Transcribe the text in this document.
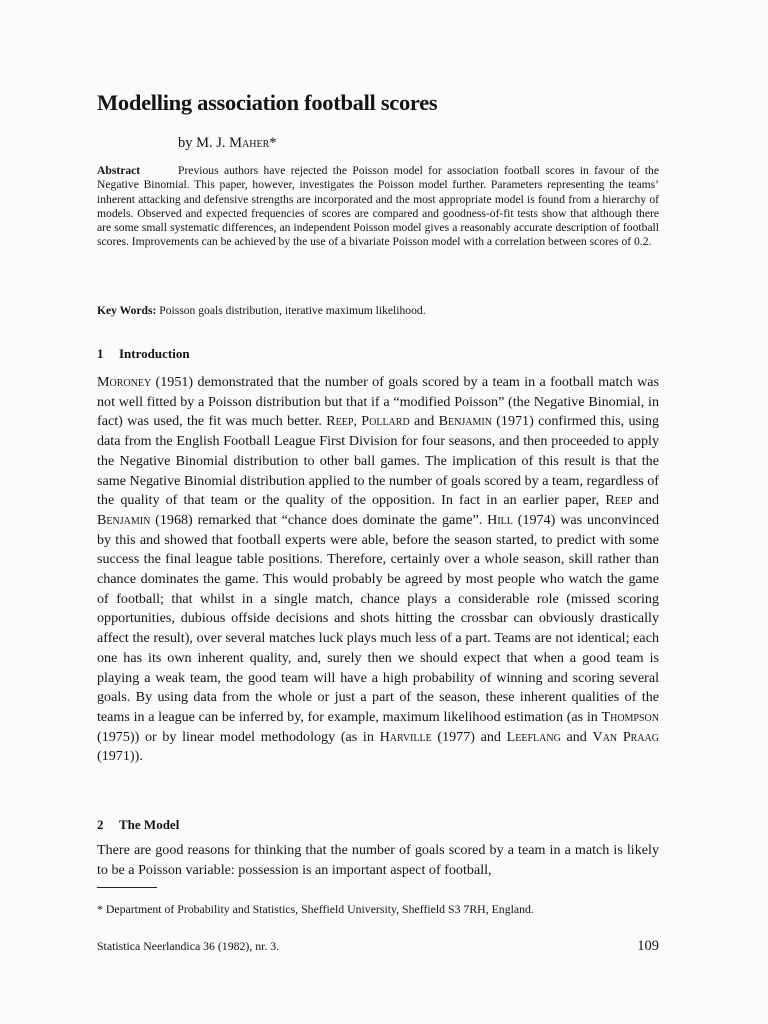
Modelling association football scores

by M. J. Maher*

Abstract	Previous authors have rejected the Poisson model for association football scores in favour of the Negative Binomial. This paper, however, investigates the Poisson model further. Parameters representing the teams’ inherent attacking and defensive strengths are incorporated and the most appropriate model is found from a hierarchy of models. Observed and expected frequencies of scores are compared and goodness-of-fit tests show that although there are some small systematic differences, an independent Poisson model gives a reasonably accurate description of football scores. Improvements can be achieved by the use of a bivariate Poisson model with a correlation between scores of 0.2.

Key Words: Poisson goals distribution, iterative maximum likelihood.

1 Introduction

Moroney (1951) demonstrated that the number of goals scored by a team in a football match was not well fitted by a Poisson distribution but that if a “modified Poisson” (the Negative Binomial, in fact) was used, the fit was much better. Reep, Pollard and Benjamin (1971) confirmed this, using data from the English Football League First Division for four seasons, and then proceeded to apply the Negative Binomial distribution to other ball games. The implication of this result is that the same Negative Binomial distribution applied to the number of goals scored by a team, regardless of the quality of that team or the quality of the opposition. In fact in an earlier paper, Reep and Benjamin (1968) remarked that “chance does dominate the game”. Hill (1974) was unconvinced by this and showed that football experts were able, before the season started, to predict with some success the final league table positions. Therefore, certainly over a whole season, skill rather than chance dominates the game. This would probably be agreed by most people who watch the game of football; that whilst in a single match, chance plays a considerable role (missed scoring opportunities, dubious offside decisions and shots hitting the crossbar can obviously drastically affect the result), over several matches luck plays much less of a part. Teams are not identical; each one has its own inherent quality, and, surely then we should expect that when a good team is playing a weak team, the good team will have a high probability of winning and scoring several goals. By using data from the whole or just a part of the season, these inherent qualities of the teams in a league can be inferred by, for example, maximum likelihood estimation (as in Thompson (1975)) or by linear model methodology (as in Harville (1977) and Leeflang and Van Praag (1971)).

2 The Model

There are good reasons for thinking that the number of goals scored by a team in a match is likely to be a Poisson variable: possession is an important aspect of football,

* Department of Probability and Statistics, Sheffield University, Sheffield S3 7RH, England.

Statistica Neerlandica 36 (1982), nr. 3.	109
